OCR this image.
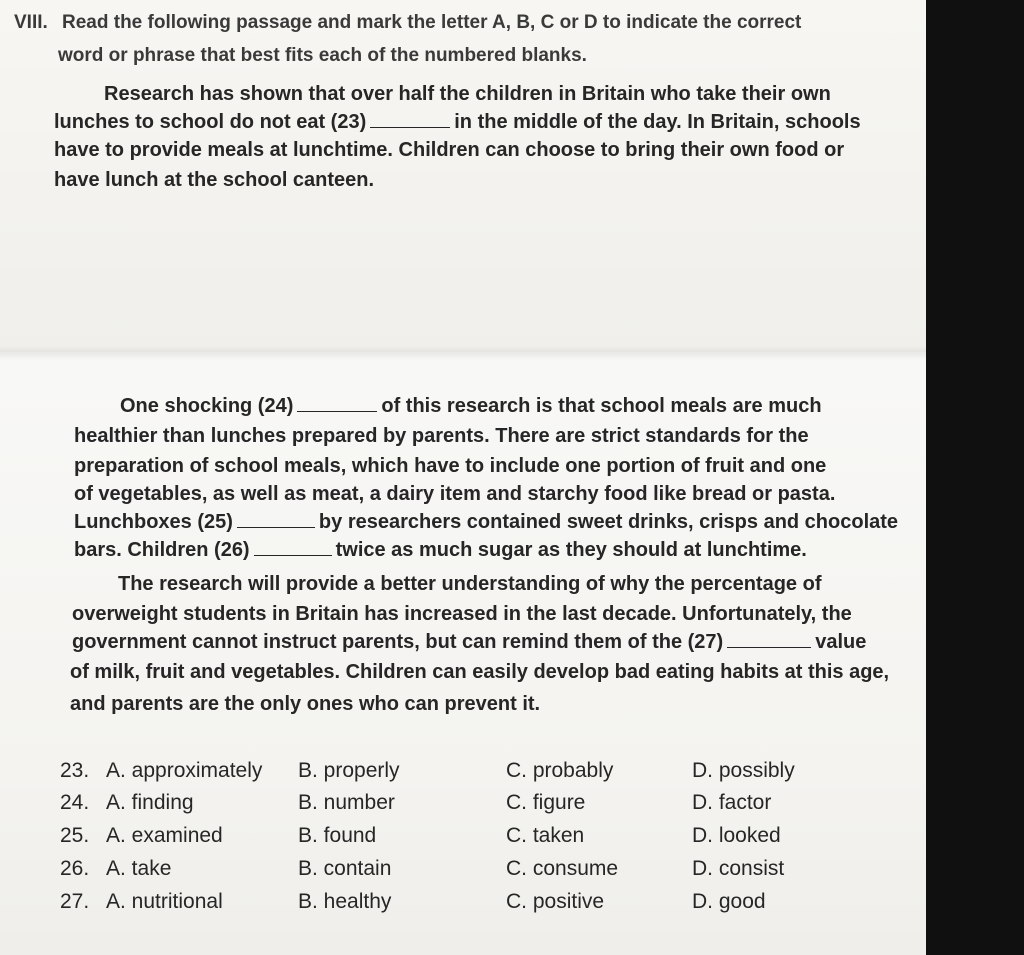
VIII. Read the following passage and mark the letter A, B, C or D to indicate the correct
word or phrase that best fits each of the numbered blanks.
Research has shown that over half the children in Britain who take their own
lunches to school do not eat (23)	in the middle of the day. In Britain, schools
have to provide meals at lunchtime. Children can choose to bring their own food or
have lunch at the school canteen.
One shocking (24)	of this research is that school meals are much
healthier than lunches prepared by parents. There are strict standards for the
preparation of school meals, which have to include one portion of fruit and one
of vegetables, as well as meat, a dairy item and starchy food like bread or pasta.
Lunchboxes (25)	by researchers contained sweet drinks, crisps and chocolate
bars. Children (26)	twice as much sugar as they should at lunchtime.
The research will provide a better understanding of why the percentage of
overweight students in Britain has increased in the last decade. Unfortunately, the
government cannot instruct parents, but can remind them of the (27)	value
of milk, fruit and vegetables. Children can easily develop bad eating habits at this age,
and parents are the only ones who can prevent it.
23. A. approximately B. properly	C. probably	D. possibly
24. A. finding	B. number	C. figure	D. factor
25. A. examined	B. found	C. taken	D. looked
26. A. take	B. contain	C. consume	D. consist
27. A. nutritional	B. healthy	C. positive	D. good
